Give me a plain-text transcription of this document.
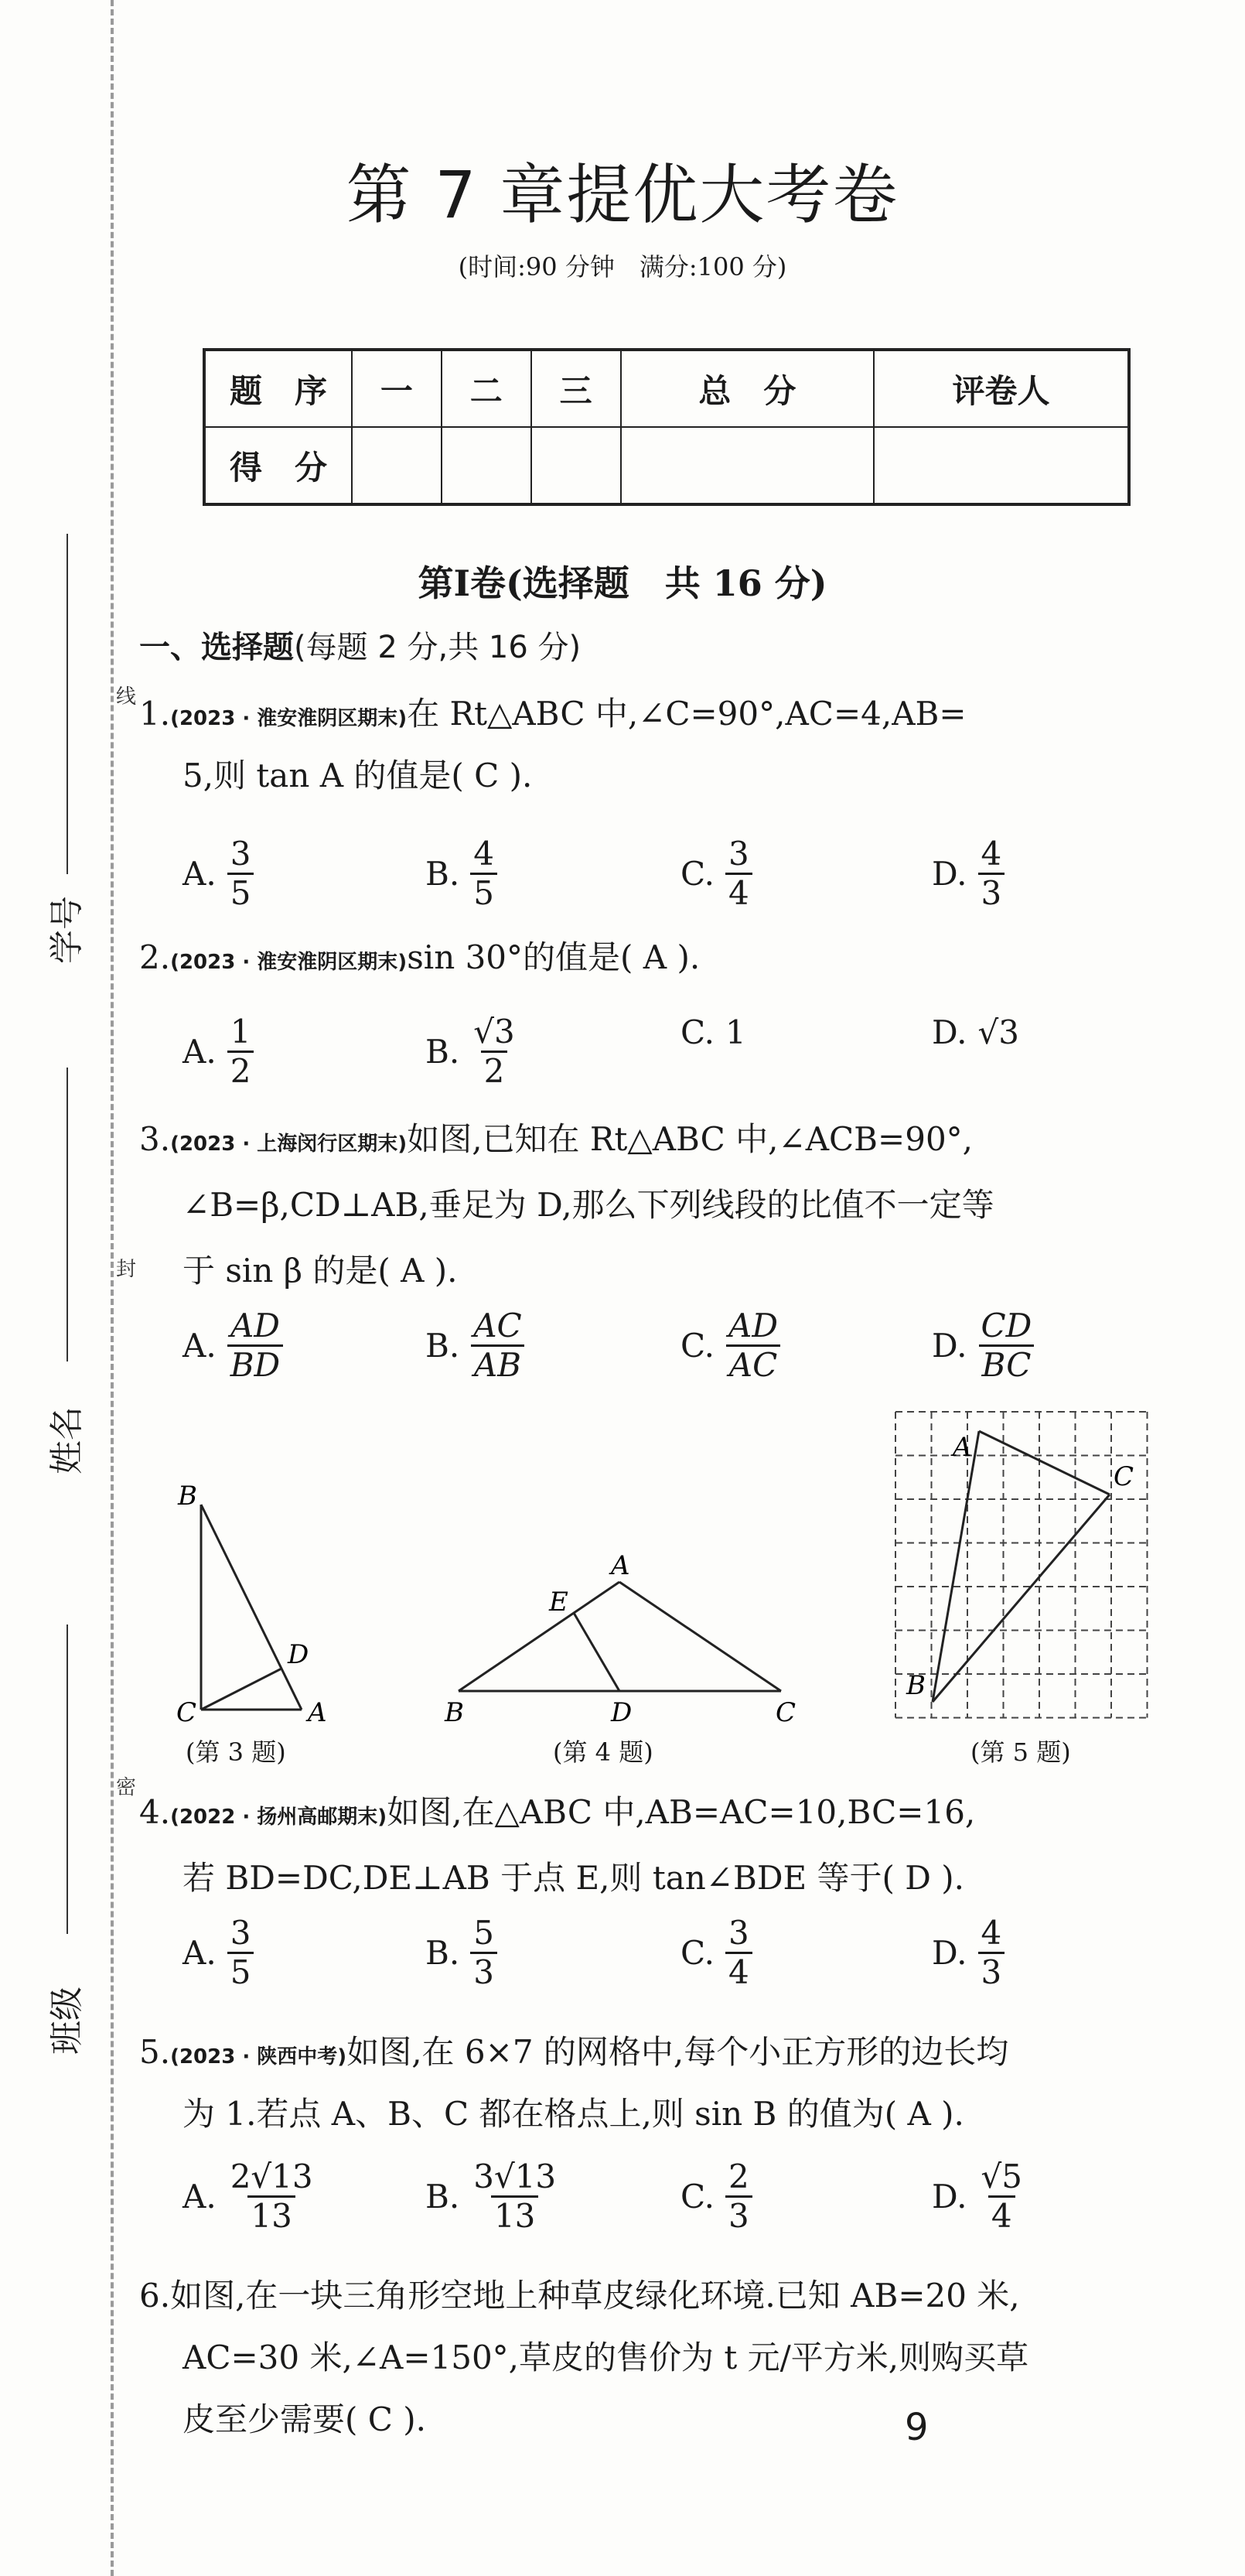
线
封
密
学号
姓名
班级
第 7 章提优大考卷
(时间:90 分钟　满分:100 分)
题　序	一	二	三	总　分	评卷人
得　分					
第Ⅰ卷(选择题　共 16 分)
一、选择题(每题 2 分,共 16 分)
1.(2023 · 淮安淮阴区期末)在 Rt△ABC 中,∠C=90°,AC=4,AB=
5,则 tan A 的值是( C ).
A. $\frac{3}{5}$	B. $\frac{4}{5}$	C. $\frac{3}{4}$	D. $\frac{4}{3}$
2.(2023 · 淮安淮阴区期末)sin 30°的值是( A ).
A. $\frac{1}{2}$	B. $\frac{√3}{2}$	C. 1	D. √3
3.(2023 · 上海闵行区期末)如图,已知在 Rt△ABC 中,∠ACB=90°,
∠B=β,CD⊥AB,垂足为 D,那么下列线段的比值不一定等
于 sin β 的是( A ).
A. $\frac{AD}{BD}$	B. $\frac{AC}{AB}$	C. $\frac{AD}{AC}$	D. $\frac{CD}{BC}$
B
C
D
A
(第 3 题)
A
E
B	D	C
(第 4 题)
A
C
B
(第 5 题)
4.(2022 · 扬州高邮期末)如图,在△ABC 中,AB=AC=10,BC=16,
若 BD=DC,DE⊥AB 于点 E,则 tan∠BDE 等于( D ).
A. $\frac{3}{5}$	B. $\frac{5}{3}$	C. $\frac{3}{4}$	D. $\frac{4}{3}$
5.(2023 · 陕西中考)如图,在 6×7 的网格中,每个小正方形的边长均
为 1.若点 A、B、C 都在格点上,则 sin B 的值为( A ).
A. $\frac{2√13}{13}$	B. $\frac{3√13}{13}$	C. $\frac{2}{3}$	D. $\frac{√5}{4}$
6.如图,在一块三角形空地上种草皮绿化环境.已知 AB=20 米,
AC=30 米,∠A=150°,草皮的售价为 t 元/平方米,则购买草
皮至少需要( C ).	9
